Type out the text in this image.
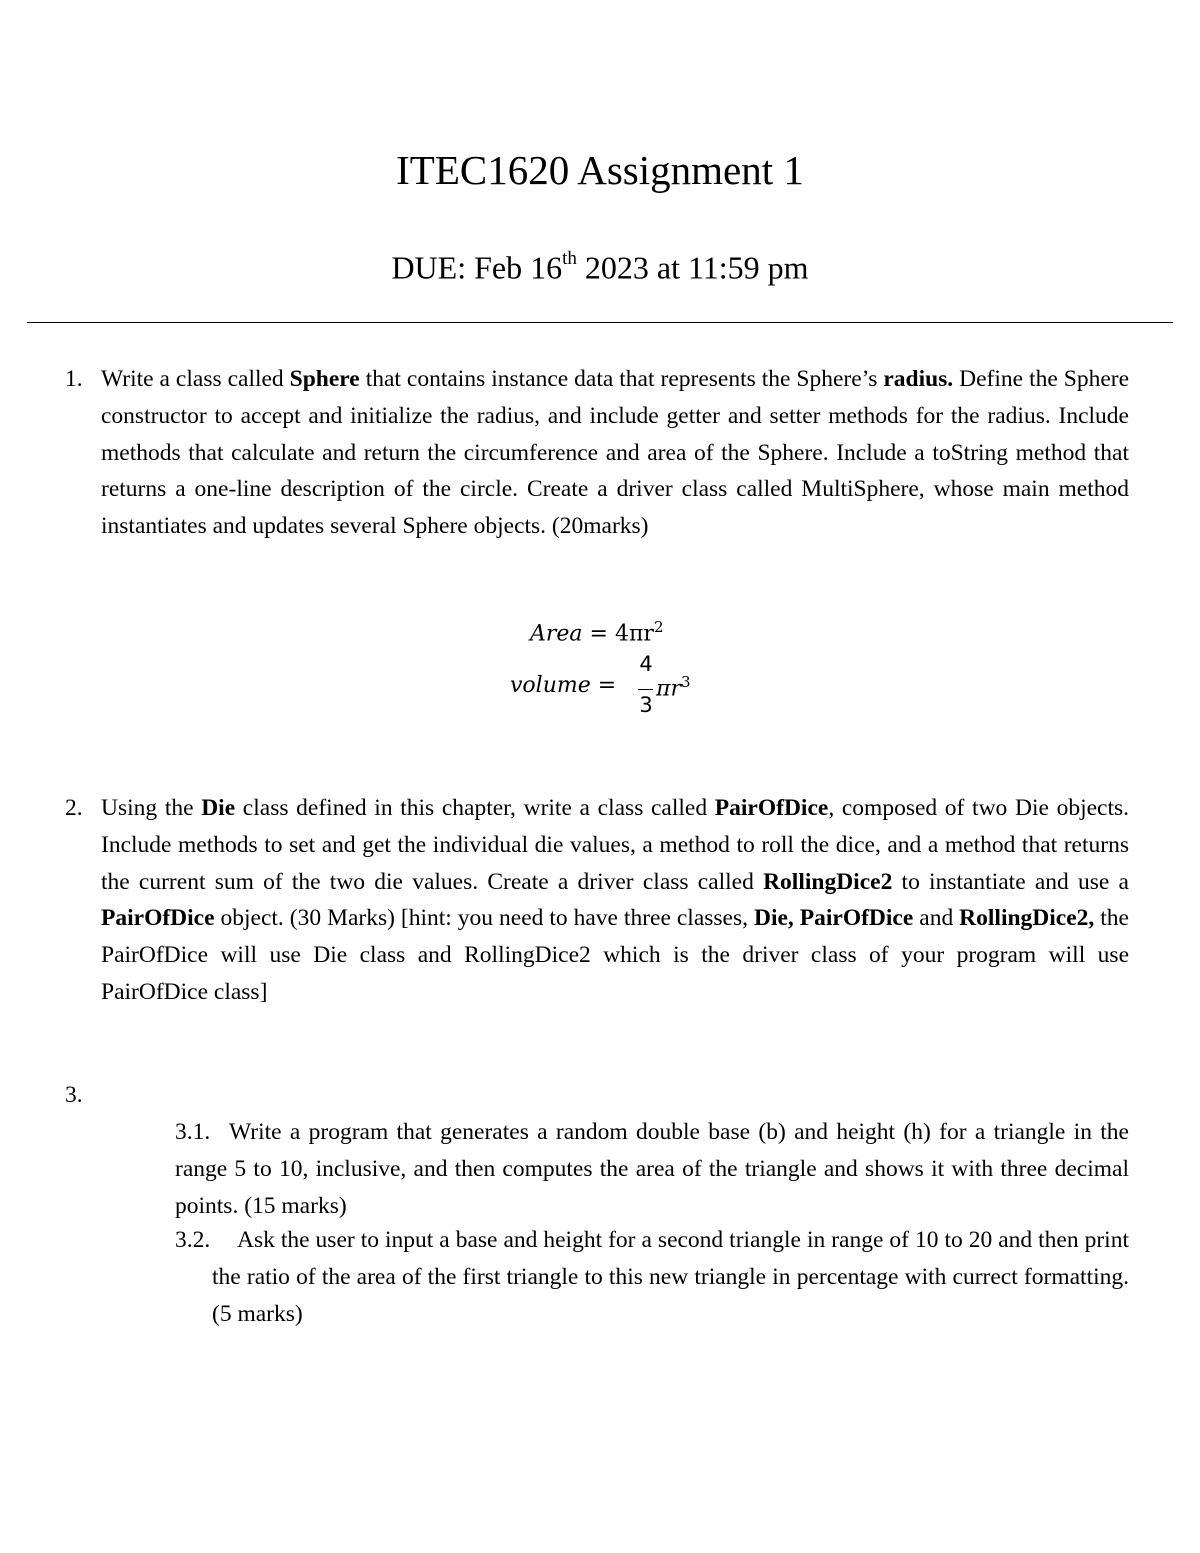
ITEC1620 Assignment 1
DUE: Feb 16th 2023 at 11:59 pm
1. Write a class called Sphere that contains instance data that represents the Sphere’s radius. Define the Sphere constructor to accept and initialize the radius, and include getter and setter methods for the radius. Include methods that calculate and return the circumference and area of the Sphere. Include a toString method that returns a one-line description of the circle. Create a driver class called MultiSphere, whose main method instantiates and updates several Sphere objects. (20marks)
Area = $4\pi r^2$
volume =
4
3
$\pi r^3$
2. Using the Die class defined in this chapter, write a class called PairOfDice, composed of two Die objects. Include methods to set and get the individual die values, a method to roll the dice, and a method that returns the current sum of the two die values. Create a driver class called RollingDice2 to instantiate and use a PairOfDice object. (30 Marks) [hint: you need to have three classes, Die, PairOfDice and RollingDice2, the PairOfDice will use Die class and RollingDice2 which is the driver class of your program will use PairOfDice class]
3.
3.1. Write a program that generates a random double base (b) and height (h) for a triangle in the range 5 to 10, inclusive, and then computes the area of the triangle and shows it with three decimal points. (15 marks)
3.2.	Ask the user to input a base and height for a second triangle in range of 10 to 20 and then print the ratio of the area of the first triangle to this new triangle in percentage with currect formatting. (5 marks)
